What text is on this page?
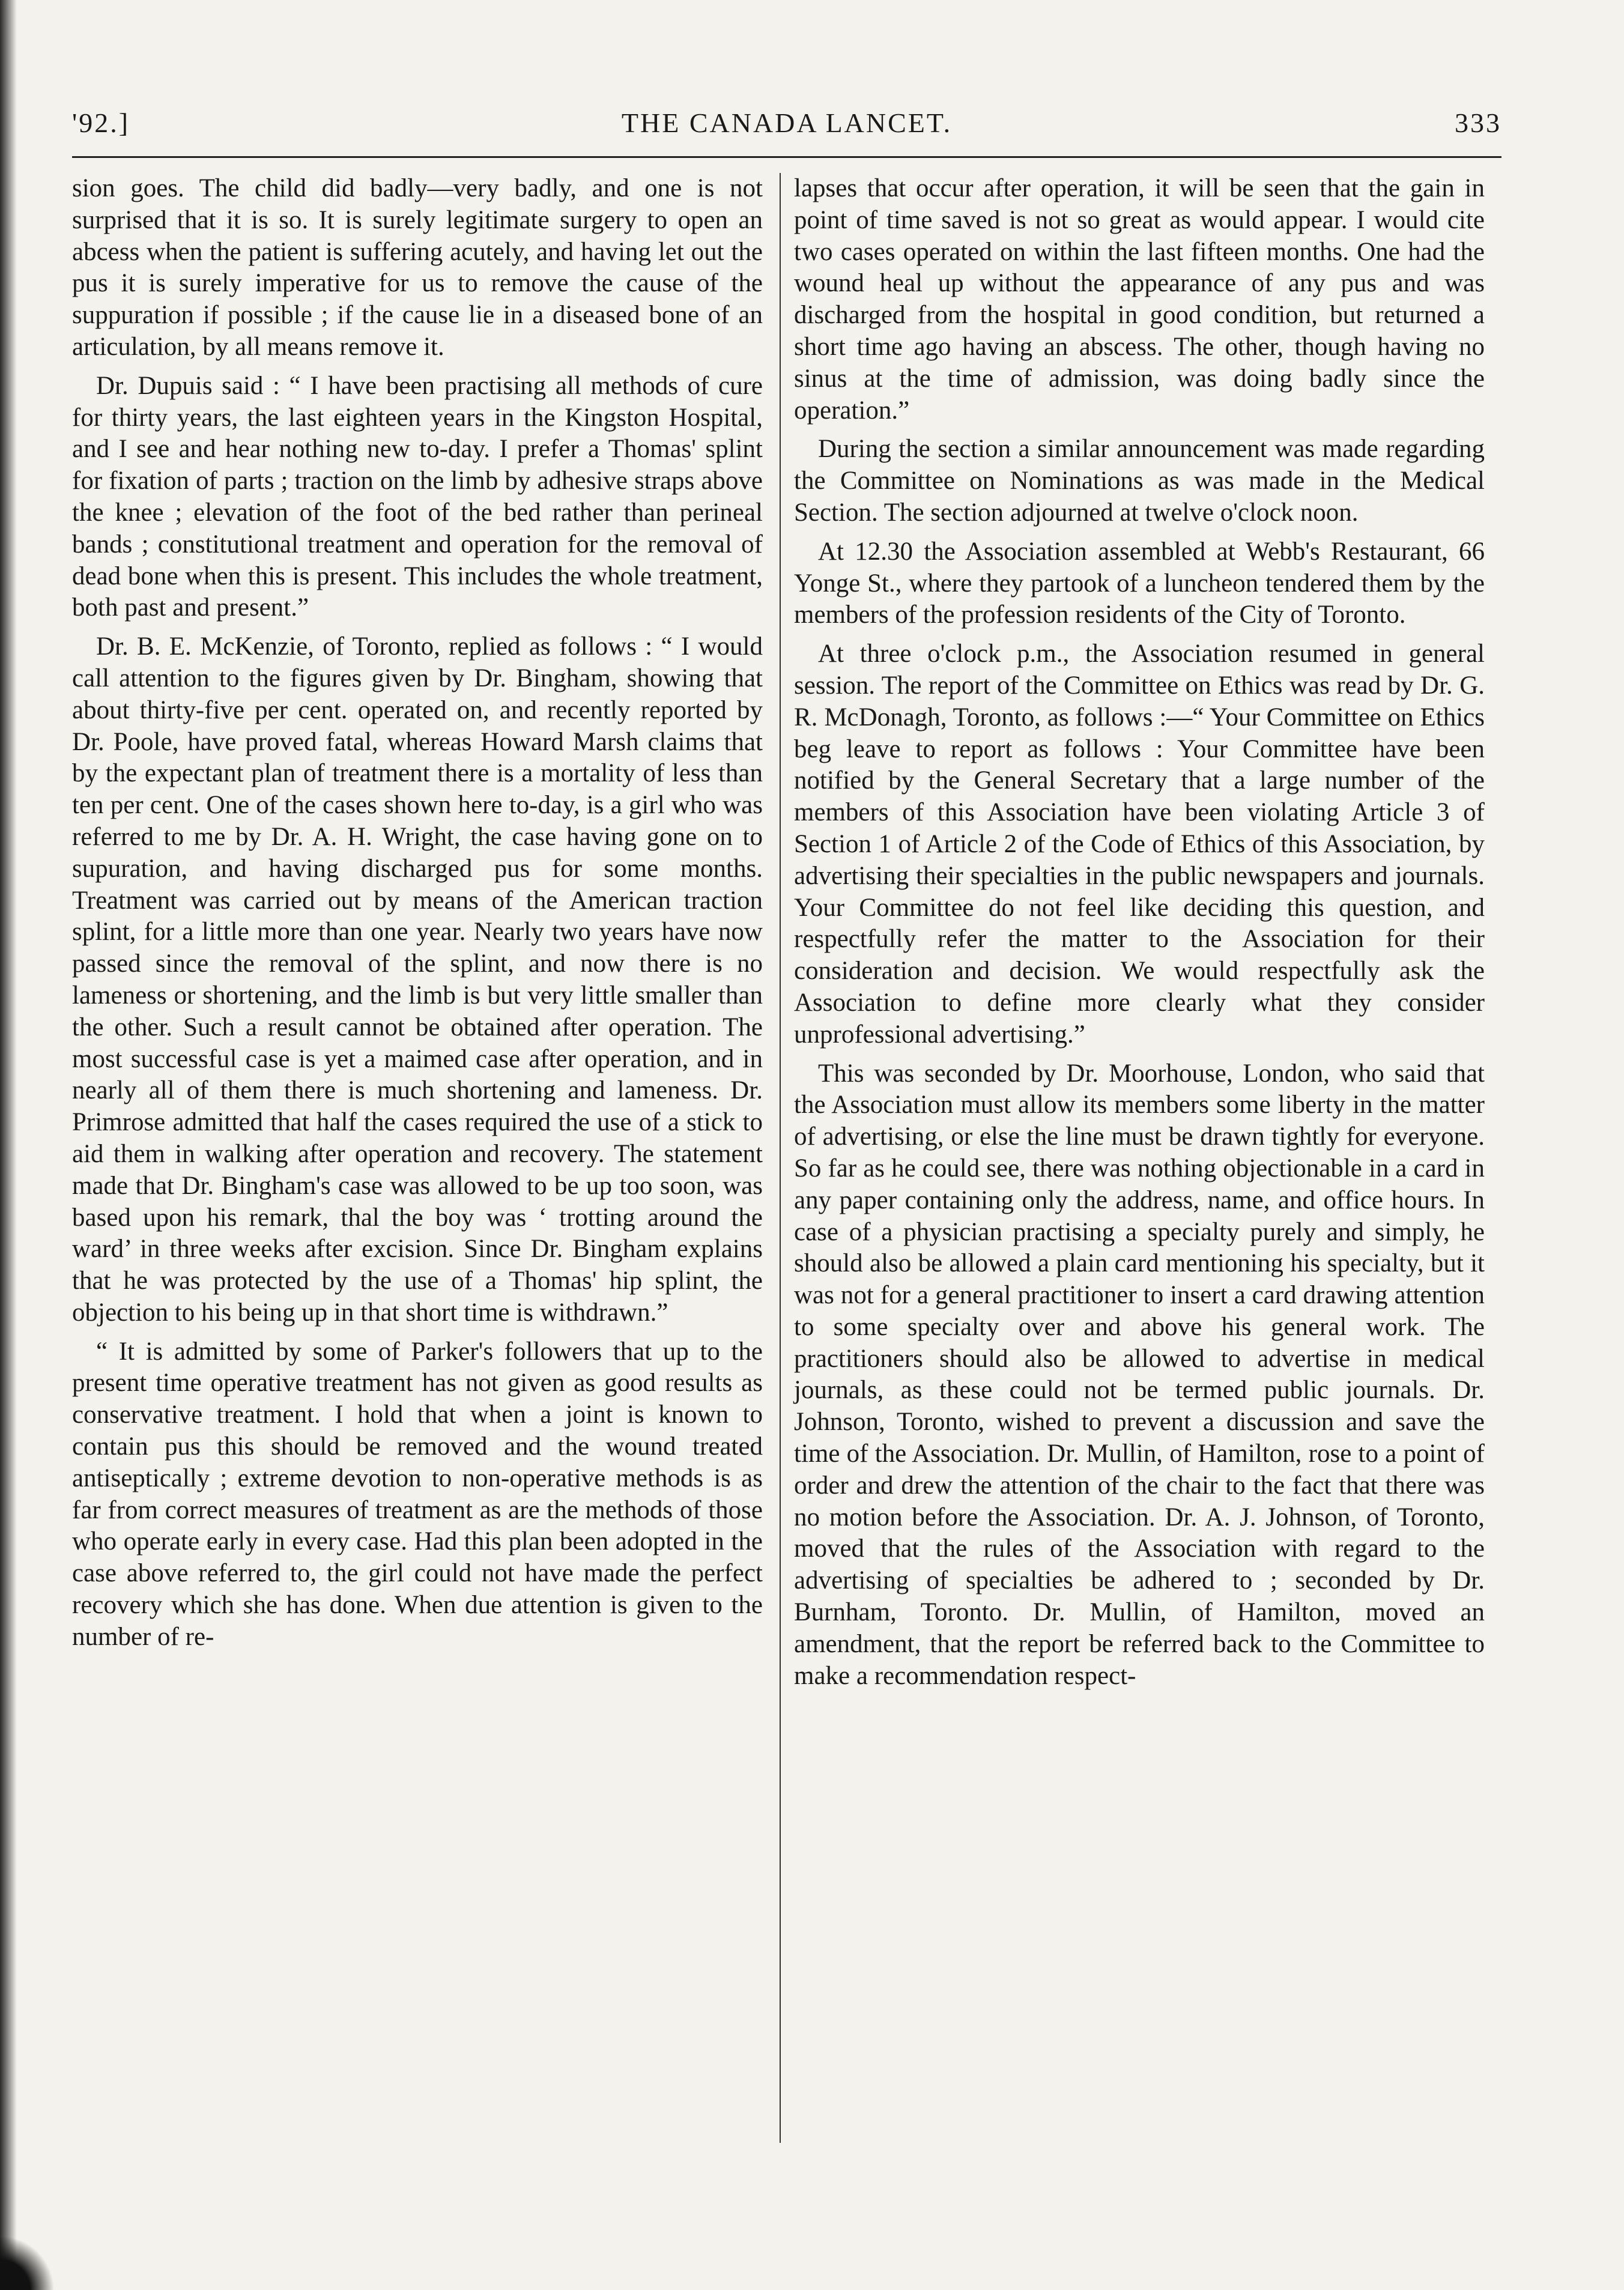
'92.]	THE CANADA LANCET.	333

sion goes. The child did badly—very badly, and one is not surprised that it is so. It is surely legitimate surgery to open an abcess when the patient is suffering acutely, and having let out the pus it is surely imperative for us to remove the cause of the suppuration if possible ; if the cause lie in a diseased bone of an articulation, by all means remove it.

Dr. Dupuis said : “ I have been practising all methods of cure for thirty years, the last eighteen years in the Kingston Hospital, and I see and hear nothing new to-day. I prefer a Thomas' splint for fixation of parts ; traction on the limb by adhesive straps above the knee ; elevation of the foot of the bed rather than perineal bands ; constitutional treatment and operation for the removal of dead bone when this is present. This includes the whole treatment, both past and present.”

Dr. B. E. McKenzie, of Toronto, replied as follows : “ I would call attention to the figures given by Dr. Bingham, showing that about thirty-five per cent. operated on, and recently reported by Dr. Poole, have proved fatal, whereas Howard Marsh claims that by the expectant plan of treatment there is a mortality of less than ten per cent. One of the cases shown here to-day, is a girl who was referred to me by Dr. A. H. Wright, the case having gone on to supuration, and having discharged pus for some months. Treatment was carried out by means of the American traction splint, for a little more than one year. Nearly two years have now passed since the removal of the splint, and now there is no lameness or shortening, and the limb is but very little smaller than the other. Such a result cannot be obtained after operation. The most successful case is yet a maimed case after operation, and in nearly all of them there is much shortening and lameness. Dr. Primrose admitted that half the cases required the use of a stick to aid them in walking after operation and recovery. The statement made that Dr. Bingham's case was allowed to be up too soon, was based upon his remark, thal the boy was ‘ trotting around the ward’ in three weeks after excision. Since Dr. Bingham explains that he was protected by the use of a Thomas' hip splint, the objection to his being up in that short time is withdrawn.”

“ It is admitted by some of Parker's followers that up to the present time operative treatment has not given as good results as conservative treatment. I hold that when a joint is known to contain pus this should be removed and the wound treated antiseptically ; extreme devotion to non-operative methods is as far from correct measures of treatment as are the methods of those who operate early in every case. Had this plan been adopted in the case above referred to, the girl could not have made the perfect recovery which she has done. When due attention is given to the number of re-

lapses that occur after operation, it will be seen that the gain in point of time saved is not so great as would appear. I would cite two cases operated on within the last fifteen months. One had the wound heal up without the appearance of any pus and was discharged from the hospital in good condition, but returned a short time ago having an abscess. The other, though having no sinus at the time of admission, was doing badly since the operation.”

During the section a similar announcement was made regarding the Committee on Nominations as was made in the Medical Section. The section adjourned at twelve o'clock noon.

At 12.30 the Association assembled at Webb's Restaurant, 66 Yonge St., where they partook of a luncheon tendered them by the members of the profession residents of the City of Toronto.

At three o'clock p.m., the Association resumed in general session. The report of the Committee on Ethics was read by Dr. G. R. McDonagh, Toronto, as follows :—“ Your Committee on Ethics beg leave to report as follows : Your Committee have been notified by the General Secretary that a large number of the members of this Association have been violating Article 3 of Section 1 of Article 2 of the Code of Ethics of this Association, by advertising their specialties in the public newspapers and journals. Your Committee do not feel like deciding this question, and respectfully refer the matter to the Association for their consideration and decision. We would respectfully ask the Association to define more clearly what they consider unprofessional advertising.”

This was seconded by Dr. Moorhouse, London, who said that the Association must allow its members some liberty in the matter of advertising, or else the line must be drawn tightly for everyone. So far as he could see, there was nothing objectionable in a card in any paper containing only the address, name, and office hours. In case of a physician practising a specialty purely and simply, he should also be allowed a plain card mentioning his specialty, but it was not for a general practitioner to insert a card drawing attention to some specialty over and above his general work. The practitioners should also be allowed to advertise in medical journals, as these could not be termed public journals. Dr. Johnson, Toronto, wished to prevent a discussion and save the time of the Association. Dr. Mullin, of Hamilton, rose to a point of order and drew the attention of the chair to the fact that there was no motion before the Association. Dr. A. J. Johnson, of Toronto, moved that the rules of the Association with regard to the advertising of specialties be adhered to ; seconded by Dr. Burnham, Toronto. Dr. Mullin, of Hamilton, moved an amendment, that the report be referred back to the Committee to make a recommendation respect-
